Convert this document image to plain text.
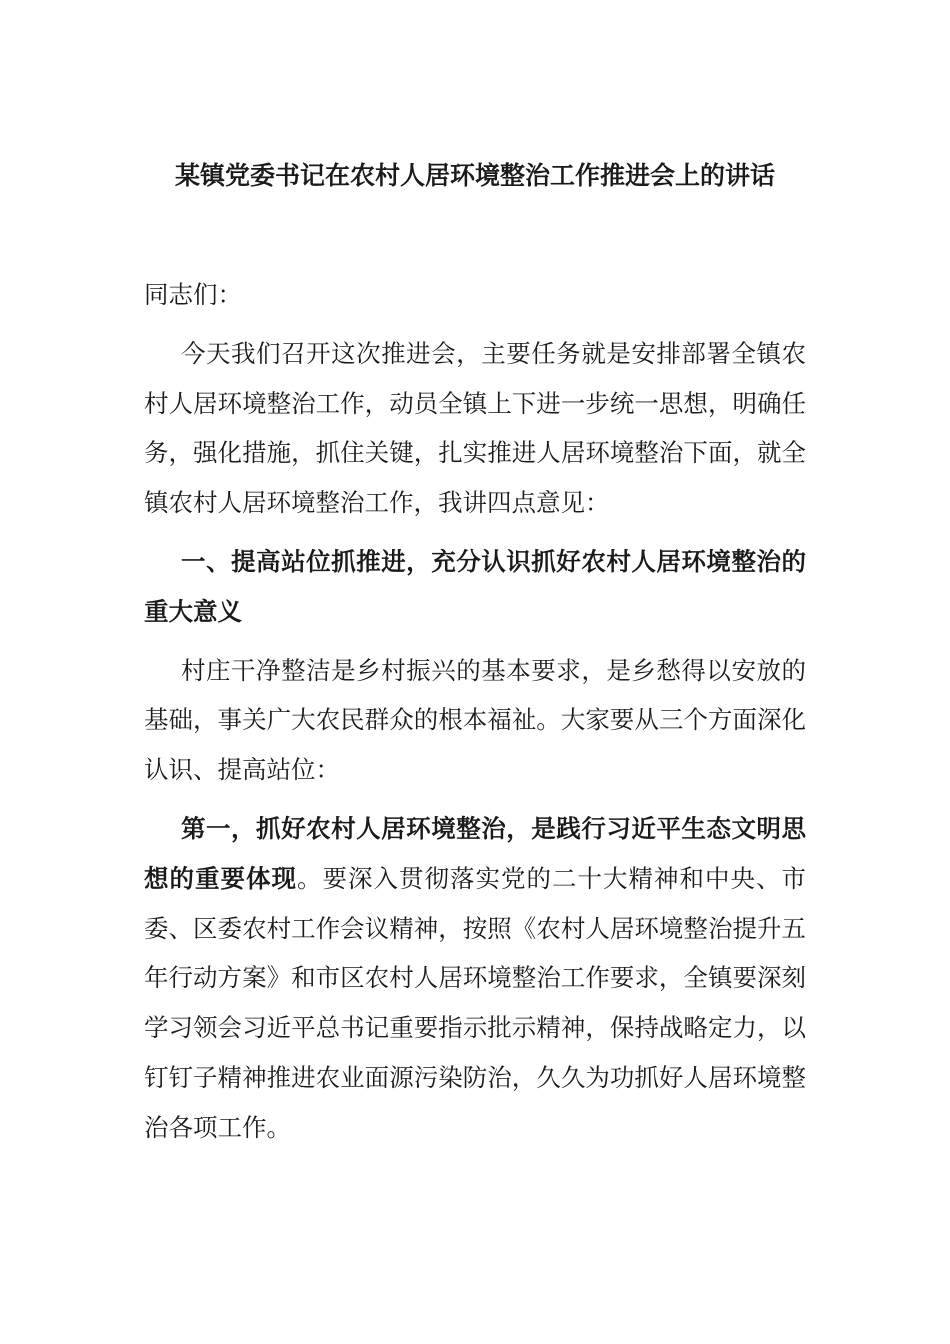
某镇党委书记在农村人居环境整治工作推进会上的讲话

同志们：

今天我们召开这次推进会，主要任务就是安排部署全镇农村人居环境整治工作，动员全镇上下进一步统一思想，明确任务，强化措施，抓住关键，扎实推进人居环境整治下面，就全镇农村人居环境整治工作，我讲四点意见：

一、提高站位抓推进，充分认识抓好农村人居环境整治的重大意义

村庄干净整洁是乡村振兴的基本要求，是乡愁得以安放的基础，事关广大农民群众的根本福祉。大家要从三个方面深化认识、提高站位：

第一，抓好农村人居环境整治，是践行习近平生态文明思想的重要体现。要深入贯彻落实党的二十大精神和中央、市委、区委农村工作会议精神，按照《农村人居环境整治提升五年行动方案》和市区农村人居环境整治工作要求，全镇要深刻学习领会习近平总书记重要指示批示精神，保持战略定力，以钉钉子精神推进农业面源污染防治，久久为功抓好人居环境整治各项工作。
